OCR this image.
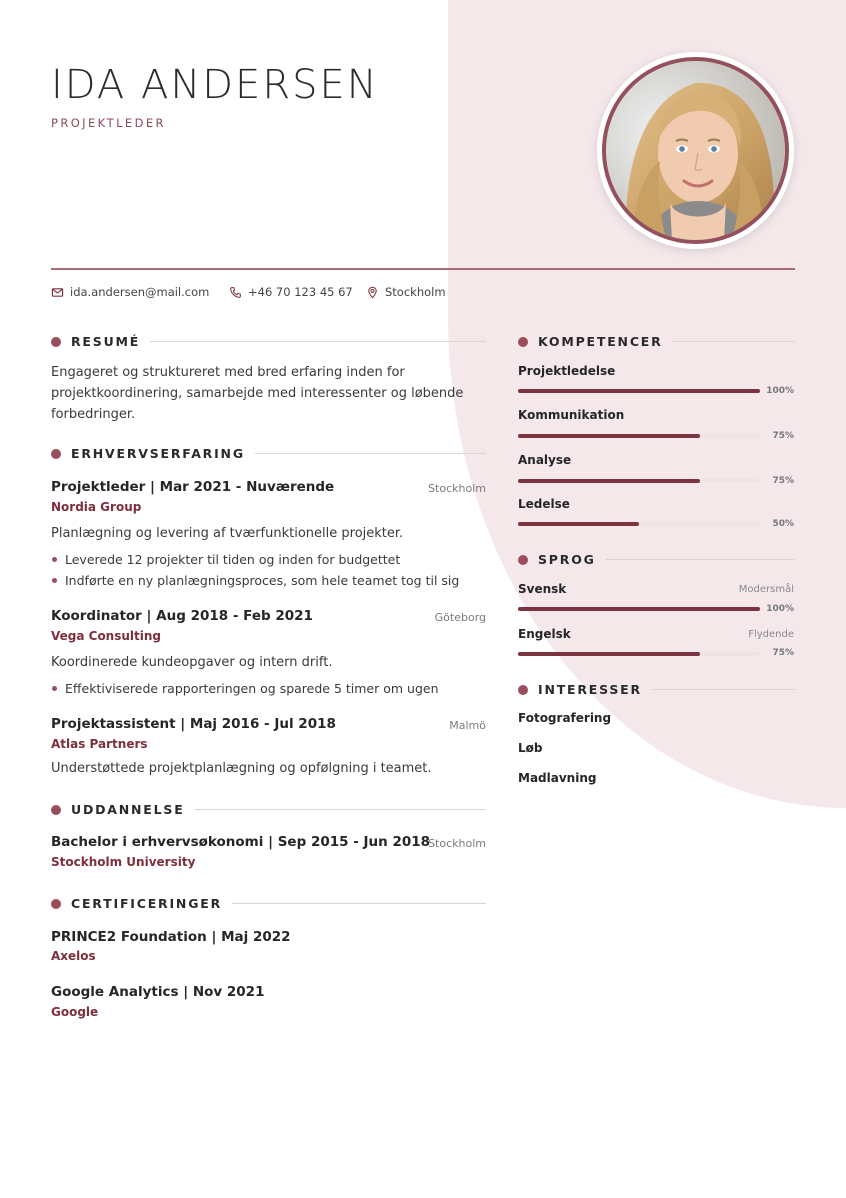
IDA ANDERSEN
PROJEKTLEDER
ida.andersen@mail.com	+46 70 123 45 67	Stockholm
RESUMÉ
Engageret og struktureret med bred erfaring inden for projektkoordinering, samarbejde med interessenter og løbende forbedringer.
ERHVERVSERFARING
Projektleder | Mar 2021 - Nuværende	Stockholm
Nordia Group
Planlægning og levering af tværfunktionelle projekter.
Leverede 12 projekter til tiden og inden for budgettet
Indførte en ny planlægningsproces, som hele teamet tog til sig
Koordinator | Aug 2018 - Feb 2021	Göteborg
Vega Consulting
Koordinerede kundeopgaver og intern drift.
Effektiviserede rapporteringen og sparede 5 timer om ugen
Projektassistent | Maj 2016 - Jul 2018	Malmö
Atlas Partners
Understøttede projektplanlægning og opfølgning i teamet.
UDDANNELSE
Bachelor i erhvervsøkonomi | Sep 2015 - Jun 2018
Stockholm
Stockholm University
CERTIFICERINGER
PRINCE2 Foundation | Maj 2022
Axelos
Google Analytics | Nov 2021
Google
KOMPETENCER
Projektledelse
100%
Kommunikation
75%
Analyse
75%
Ledelse
50%
SPROG
Svensk	Modersmål
100%
Engelsk	Flydende
75%
INTERESSER
Fotografering
Løb
Madlavning
